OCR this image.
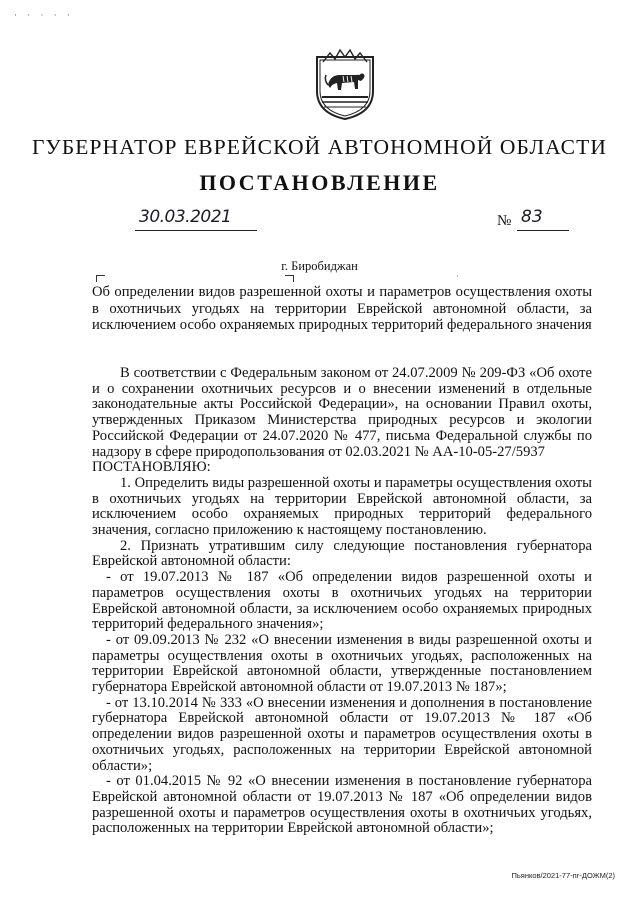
· · · · ·
ГУБЕРНАТОР ЕВРЕЙСКОЙ АВТОНОМНОЙ ОБЛАСТИ
ПОСТАНОВЛЕНИЕ
30.03.2021	№ 83
г. Биробиджан
·
Об определении видов разрешенной охоты и параметров осуществления охоты в охотничьих угодьях на территории Еврейской автономной области, за исключением особо охраняемых природных территорий федерального значения

В соответствии с Федеральным законом от 24.07.2009 № 209-ФЗ «Об охоте и о сохранении охотничьих ресурсов и о внесении изменений в отдельные законодательные акты Российской Федерации», на основании Правил охоты, утвержденных Приказом Министерства природных ресурсов и экологии Российской Федерации от 24.07.2020 № 477, письма Федеральной службы по надзору в сфере природопользования от 02.03.2021 № АА-10-05-27/5937

ПОСТАНОВЛЯЮ:

1. Определить виды разрешенной охоты и параметры осуществления охоты в охотничьих угодьях на территории Еврейской автономной области, за исключением особо охраняемых природных территорий федерального значения, согласно приложению к настоящему постановлению.

2. Признать утратившим силу следующие постановления губернатора Еврейской автономной области:

- от 19.07.2013 № 187 «Об определении видов разрешенной охоты и параметров осуществления охоты в охотничьих угодьях на территории Еврейской автономной области, за исключением особо охраняемых природных территорий федерального значения»;

- от 09.09.2013 № 232 «О внесении изменения в виды разрешенной охоты и параметры осуществления охоты в охотничьих угодьях, расположенных на территории Еврейской автономной области, утвержденные постановлением губернатора Еврейской автономной области от 19.07.2013 № 187»;

- от 13.10.2014 № 333 «О внесении изменения и дополнения в постановление губернатора Еврейской автономной области от 19.07.2013 № 187 «Об определении видов разрешенной охоты и параметров осуществления охоты в охотничьих угодьях, расположенных на территории Еврейской автономной области»;

- от 01.04.2015 № 92 «О внесении изменения в постановление губернатора Еврейской автономной области от 19.07.2013 № 187 «Об определении видов разрешенной охоты и параметров осуществления охоты в охотничьих угодьях, расположенных на территории Еврейской автономной области»;

Пьянков/2021-77-пг-ДОЖМ(2)
